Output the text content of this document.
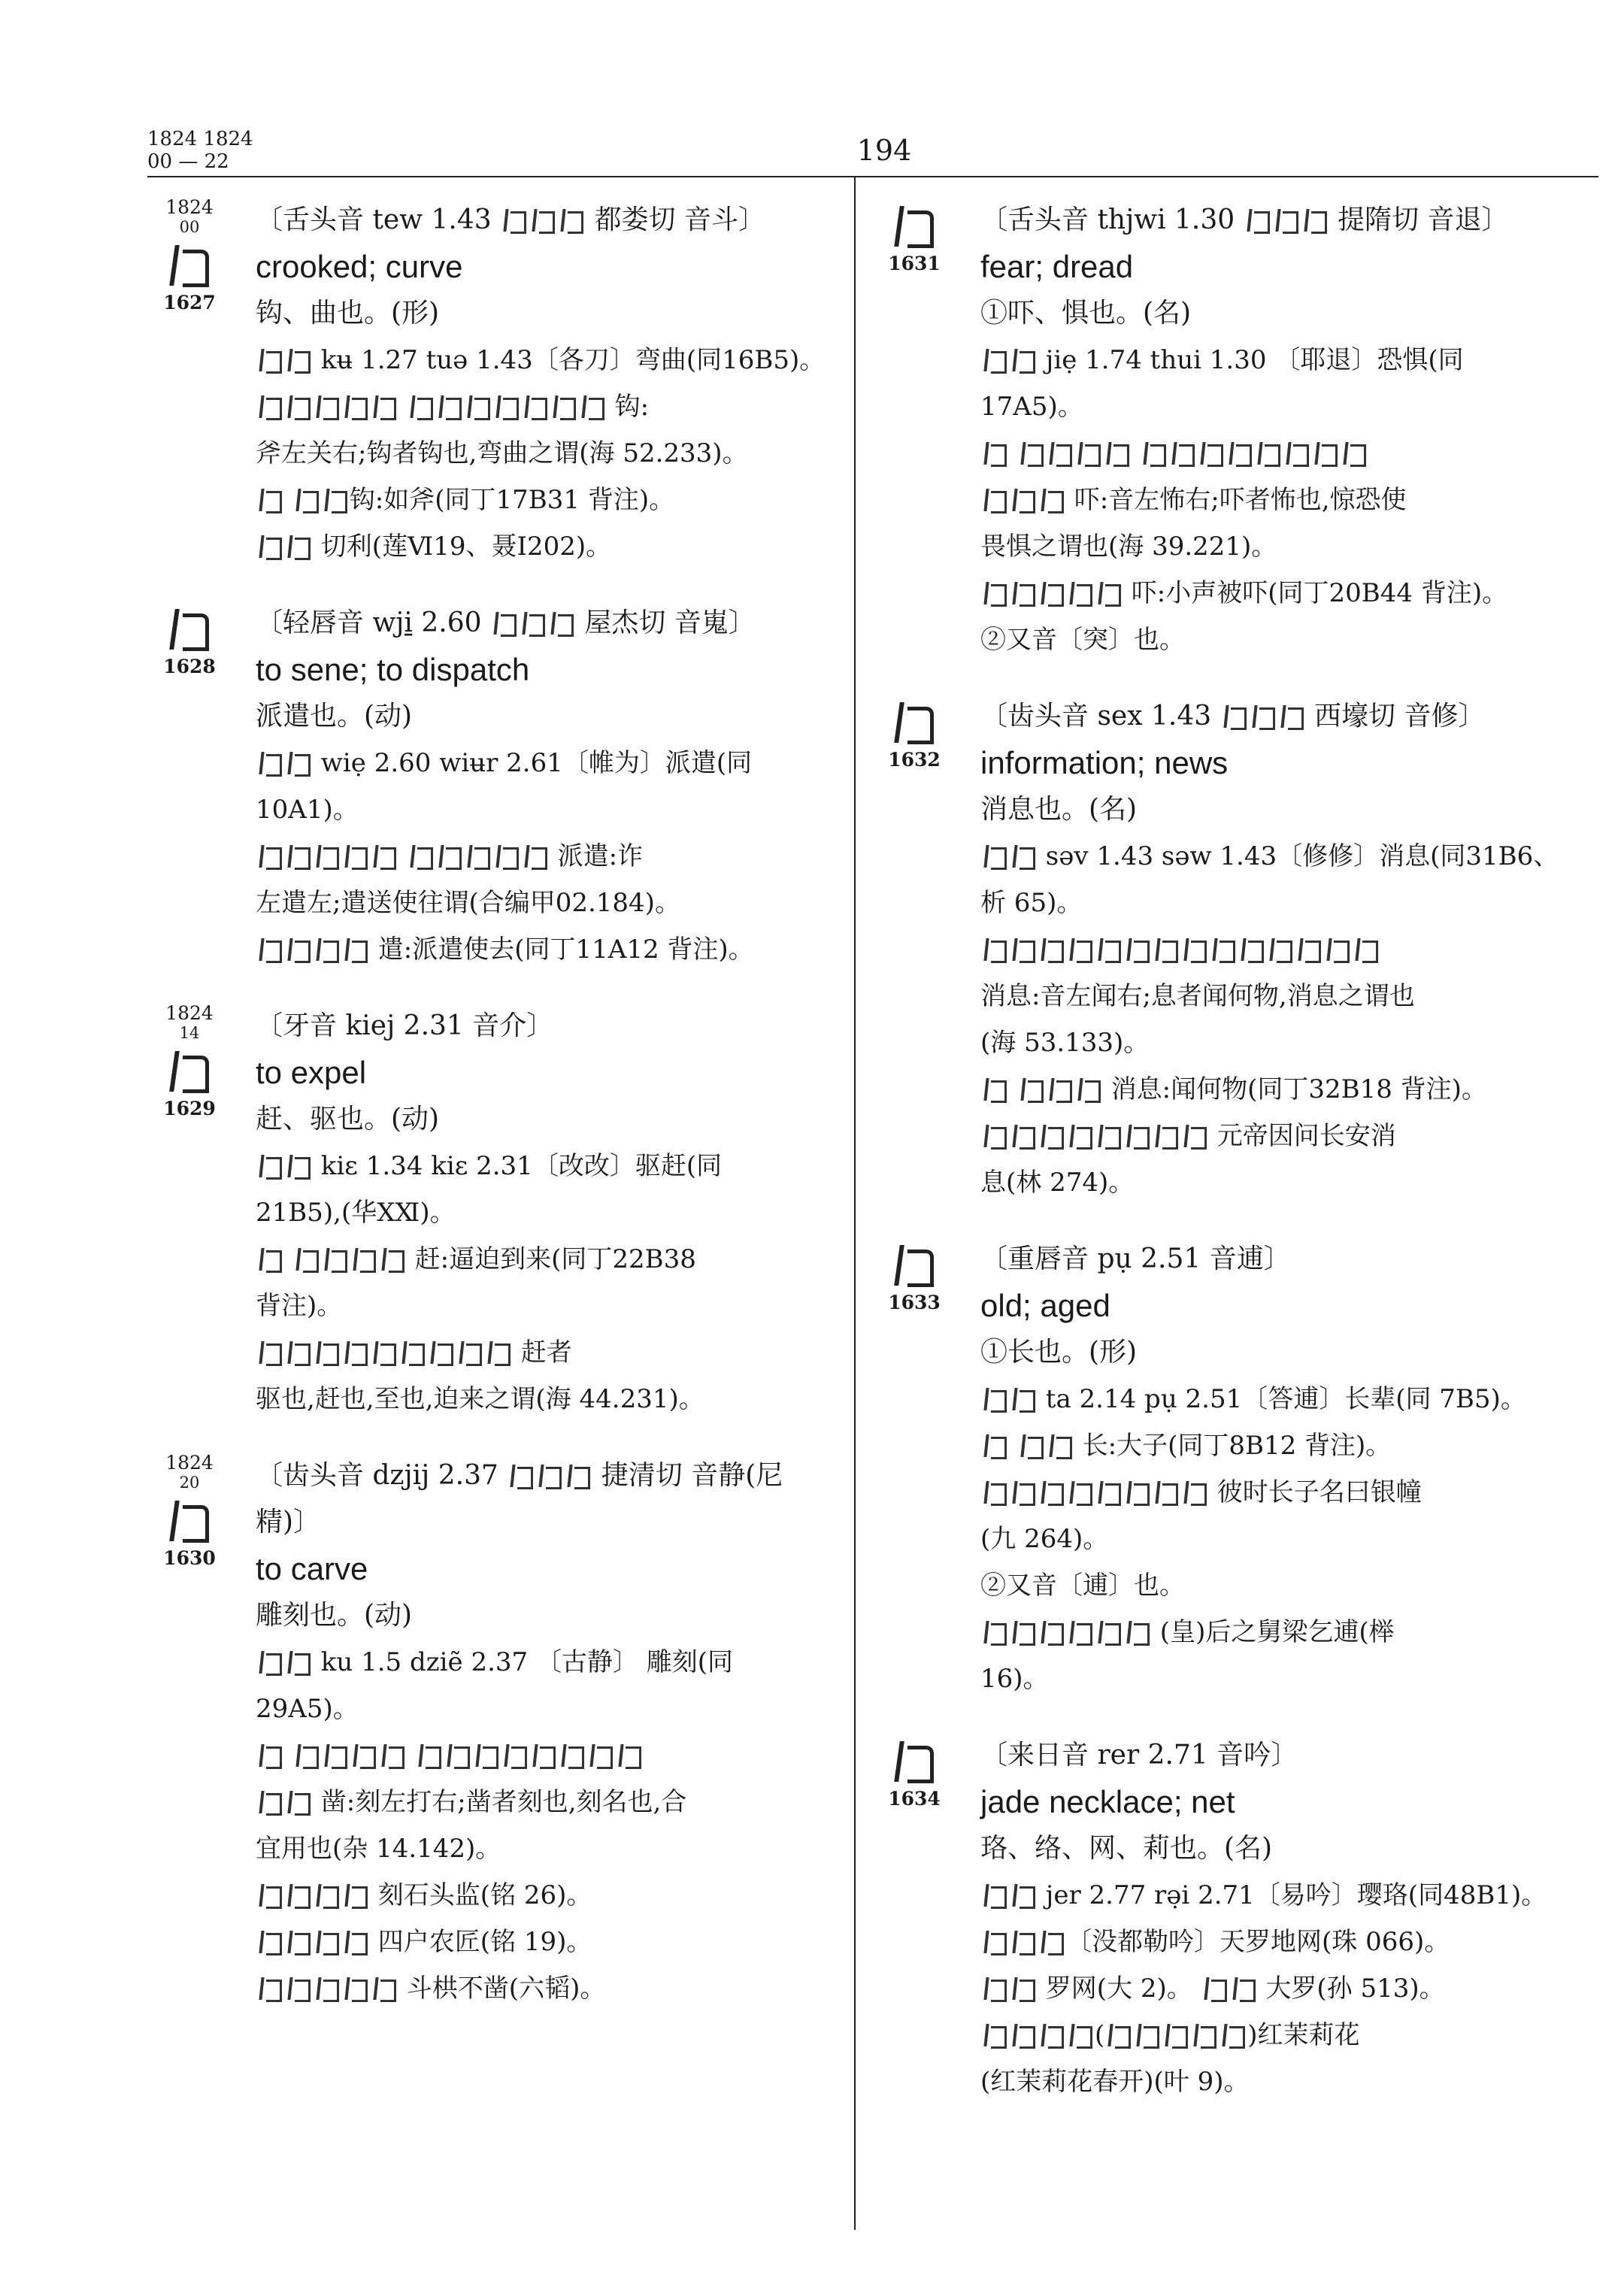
1824 1824
00 — 22	194
1824
00
1627
〔舌头音 tew 1.43	都娄切 音斗〕
crooked; curve
钩、曲也。(形)
kʉ 1.27 tuə 1.43〔各刀〕弯曲(同16B5)。
钩:
斧左关右;钩者钩也,弯曲之谓(海 52.233)。
钩:如斧(同丁17B31 背注)。
切利(莲Ⅵ19、聂Ⅰ202)。
1628
〔轻唇音 wji̱ 2.60	屋杰切 音嵬〕
to sene; to dispatch
派遣也。(动)
wiẹ 2.60 wiʉr 2.61〔帷为〕派遣(同
10A1)。
派遣:诈
左遣左;遣送使往谓(合编甲02.184)。
遣:派遣使去(同丁11A12 背注)。
1824
14
1629
〔牙音 kiej 2.31 音介〕
to expel
赶、驱也。(动)
kiɛ 1.34 kiɛ 2.31〔改改〕驱赶(同
21B5),(华ⅩⅪ)。
赶:逼迫到来(同丁22B38
背注)。
赶者
驱也,赶也,至也,迫来之谓(海 44.231)。
1824
20
1630
〔齿头音 dzjij 2.37	捷清切 音静(尼
精)〕
to carve
雕刻也。(动)
ku 1.5 dziẽ 2.37 〔古静〕 雕刻(同
29A5)。

凿:刻左打右;凿者刻也,刻名也,合
宜用也(杂 14.142)。
刻石头监(铭 26)。
四户农匠(铭 19)。
斗栱不凿(六韬)。
1631
〔舌头音 thjwi 1.30	提隋切 音退〕
fear; dread
①吓、惧也。(名)
jiẹ 1.74 thui 1.30 〔耶退〕恐惧(同
17A5)。

吓:音左怖右;吓者怖也,惊恐使
畏惧之谓也(海 39.221)。
吓:小声被吓(同丁20B44 背注)。
②又音〔突〕也。
1632
〔齿头音 sex 1.43	西壕切 音修〕
information; news
消息也。(名)
səv 1.43 səw 1.43〔修修〕消息(同31B6、
析 65)。
消息:音左闻右;息者闻何物,消息之谓也
(海 53.133)。
消息:闻何物(同丁32B18 背注)。
元帝因问长安消
息(林 274)。
1633
〔重唇音 pụ 2.51 音逋〕
old; aged
①长也。(形)
ta 2.14 pụ 2.51〔答逋〕长辈(同 7B5)。
长:大子(同丁8B12 背注)。
彼时长子名曰银幢
(九 264)。
②又音〔逋〕也。
(皇)后之舅梁乞逋(榉
16)。
1634
〔来日音 rer 2.71 音吟〕
jade necklace; net
珞、络、网、莉也。(名)
jer 2.77 rə̣i 2.71〔易吟〕璎珞(同48B1)。
〔没都勒吟〕天罗地网(珠 066)。
罗网(大 2)。  大罗(孙 513)。
(	)红茉莉花
(红茉莉花春开)(叶 9)。
